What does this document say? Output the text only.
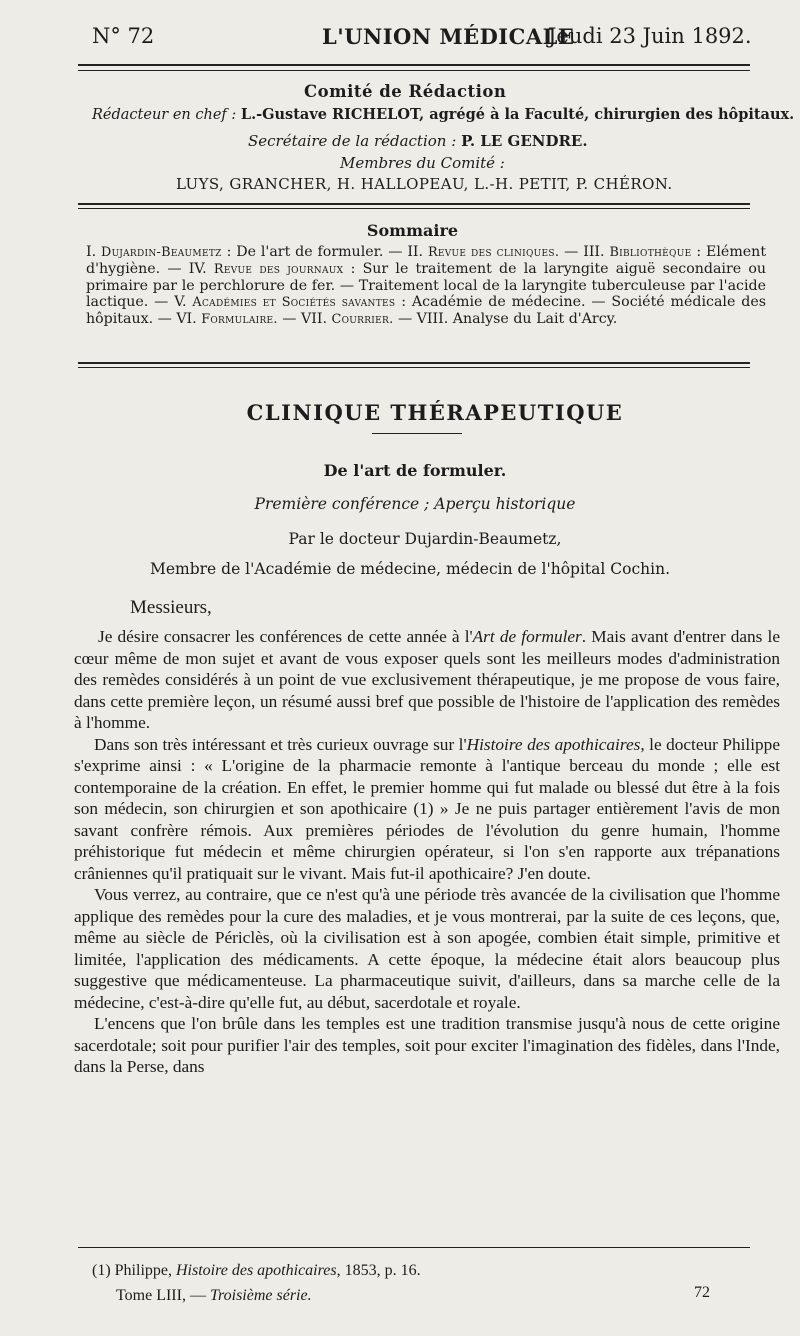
N° 72	L'UNION MÉDICALE
Jeudi 23 Juin 1892.
Comité de Rédaction
Rédacteur en chef : L.-Gustave RICHELOT, agrégé à la Faculté, chirurgien des hôpitaux.
Secrétaire de la rédaction : P. LE GENDRE.
Membres du Comité :
LUYS, GRANCHER, H. HALLOPEAU, L.-H. PETIT, P. CHÉRON.
Sommaire
I. Dujardin-Beaumetz : De l'art de formuler. — II. Revue des cliniques. — III. Bibliothèque : Elément d'hygiène. — IV. Revue des journaux : Sur le traitement de la laryngite aiguë secondaire ou primaire par le perchlorure de fer. — Traitement local de la laryngite tuberculeuse par l'acide lactique. — V. Académies et Sociétés savantes : Académie de médecine. — Société médicale des hôpitaux. — VI. Formulaire. — VII. Courrier. — VIII. Analyse du Lait d'Arcy.
CLINIQUE THÉRAPEUTIQUE
De l'art de formuler.
Première conférence ; Aperçu historique
Par le docteur Dujardin-Beaumetz,
Membre de l'Académie de médecine, médecin de l'hôpital Cochin.
Messieurs,

Je désire consacrer les conférences de cette année à l'Art de formuler. Mais avant d'entrer dans le cœur même de mon sujet et avant de vous exposer quels sont les meilleurs modes d'administration des remèdes considérés à un point de vue exclusivement thérapeutique, je me propose de vous faire, dans cette première leçon, un résumé aussi bref que possible de l'histoire de l'application des remèdes à l'homme.

Dans son très intéressant et très curieux ouvrage sur l'Histoire des apothicaires, le docteur Philippe s'exprime ainsi : « L'origine de la pharmacie remonte à l'antique berceau du monde ; elle est contemporaine de la création. En effet, le premier homme qui fut malade ou blessé dut être à la fois son médecin, son chirurgien et son apothicaire (1) » Je ne puis partager entièrement l'avis de mon savant confrère rémois. Aux premières périodes de l'évolution du genre humain, l'homme préhistorique fut médecin et même chirurgien opérateur, si l'on s'en rapporte aux trépanations crâniennes qu'il pratiquait sur le vivant. Mais fut-il apothicaire? J'en doute.

Vous verrez, au contraire, que ce n'est qu'à une période très avancée de la civilisation que l'homme applique des remèdes pour la cure des maladies, et je vous montrerai, par la suite de ces leçons, que, même au siècle de Périclès, où la civilisation est à son apogée, combien était simple, primitive et limitée, l'application des médicaments. A cette époque, la médecine était alors beaucoup plus suggestive que médicamenteuse. La pharmaceutique suivit, d'ailleurs, dans sa marche celle de la médecine, c'est-à-dire qu'elle fut, au début, sacerdotale et royale.

L'encens que l'on brûle dans les temples est une tradition transmise jusqu'à nous de cette origine sacerdotale; soit pour purifier l'air des temples, soit pour exciter l'imagination des fidèles, dans l'Inde, dans la Perse, dans

(1) Philippe, Histoire des apothicaires, 1853, p. 16.
Tome LIII, — Troisième série.	72
